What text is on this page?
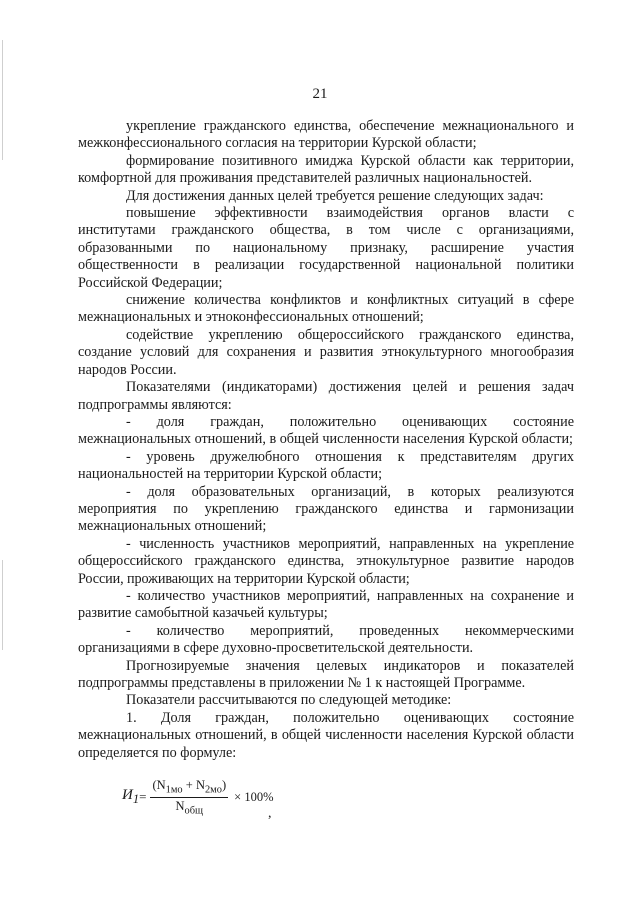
21

укрепление гражданского единства, обеспечение межнационального и межконфессионального согласия на территории Курской области;

формирование позитивного имиджа Курской области как территории, комфортной для проживания представителей различных национальностей.

Для достижения данных целей требуется решение следующих задач:

повышение эффективности взаимодействия органов власти с институтами гражданского общества, в том числе с организациями, образованными по национальному признаку, расширение участия общественности в реализации государственной национальной политики Российской Федерации;

снижение количества конфликтов и конфликтных ситуаций в сфере межнациональных и этноконфессиональных отношений;

содействие укреплению общероссийского гражданского единства, создание условий для сохранения и развития этнокультурного многообразия народов России.

Показателями (индикаторами) достижения целей и решения задач подпрограммы являются:

- доля граждан, положительно оценивающих состояние межнациональных отношений, в общей численности населения Курской области;

- уровень дружелюбного отношения к представителям других национальностей на территории Курской области;

- доля образовательных организаций, в которых реализуются мероприятия по укреплению гражданского единства и гармонизации межнациональных отношений;

- численность участников мероприятий, направленных на укрепление общероссийского гражданского единства, этнокультурное развитие народов России, проживающих на территории Курской области;

- количество участников мероприятий, направленных на сохранение и развитие самобытной казачьей культуры;

- количество мероприятий, проведенных некоммерческими организациями в сфере духовно-просветительской деятельности.

Прогнозируемые значения целевых индикаторов и показателей подпрограммы представлены в приложении № 1 к настоящей Программе.

Показатели рассчитываются по следующей методике:

1. Доля граждан, положительно оценивающих состояние межнациональных отношений, в общей численности населения Курской области определяется по формуле:

$И_1 = \frac{(N_{1мо} + N_{2мо})}{N_{общ}} \times 100\%$
,
